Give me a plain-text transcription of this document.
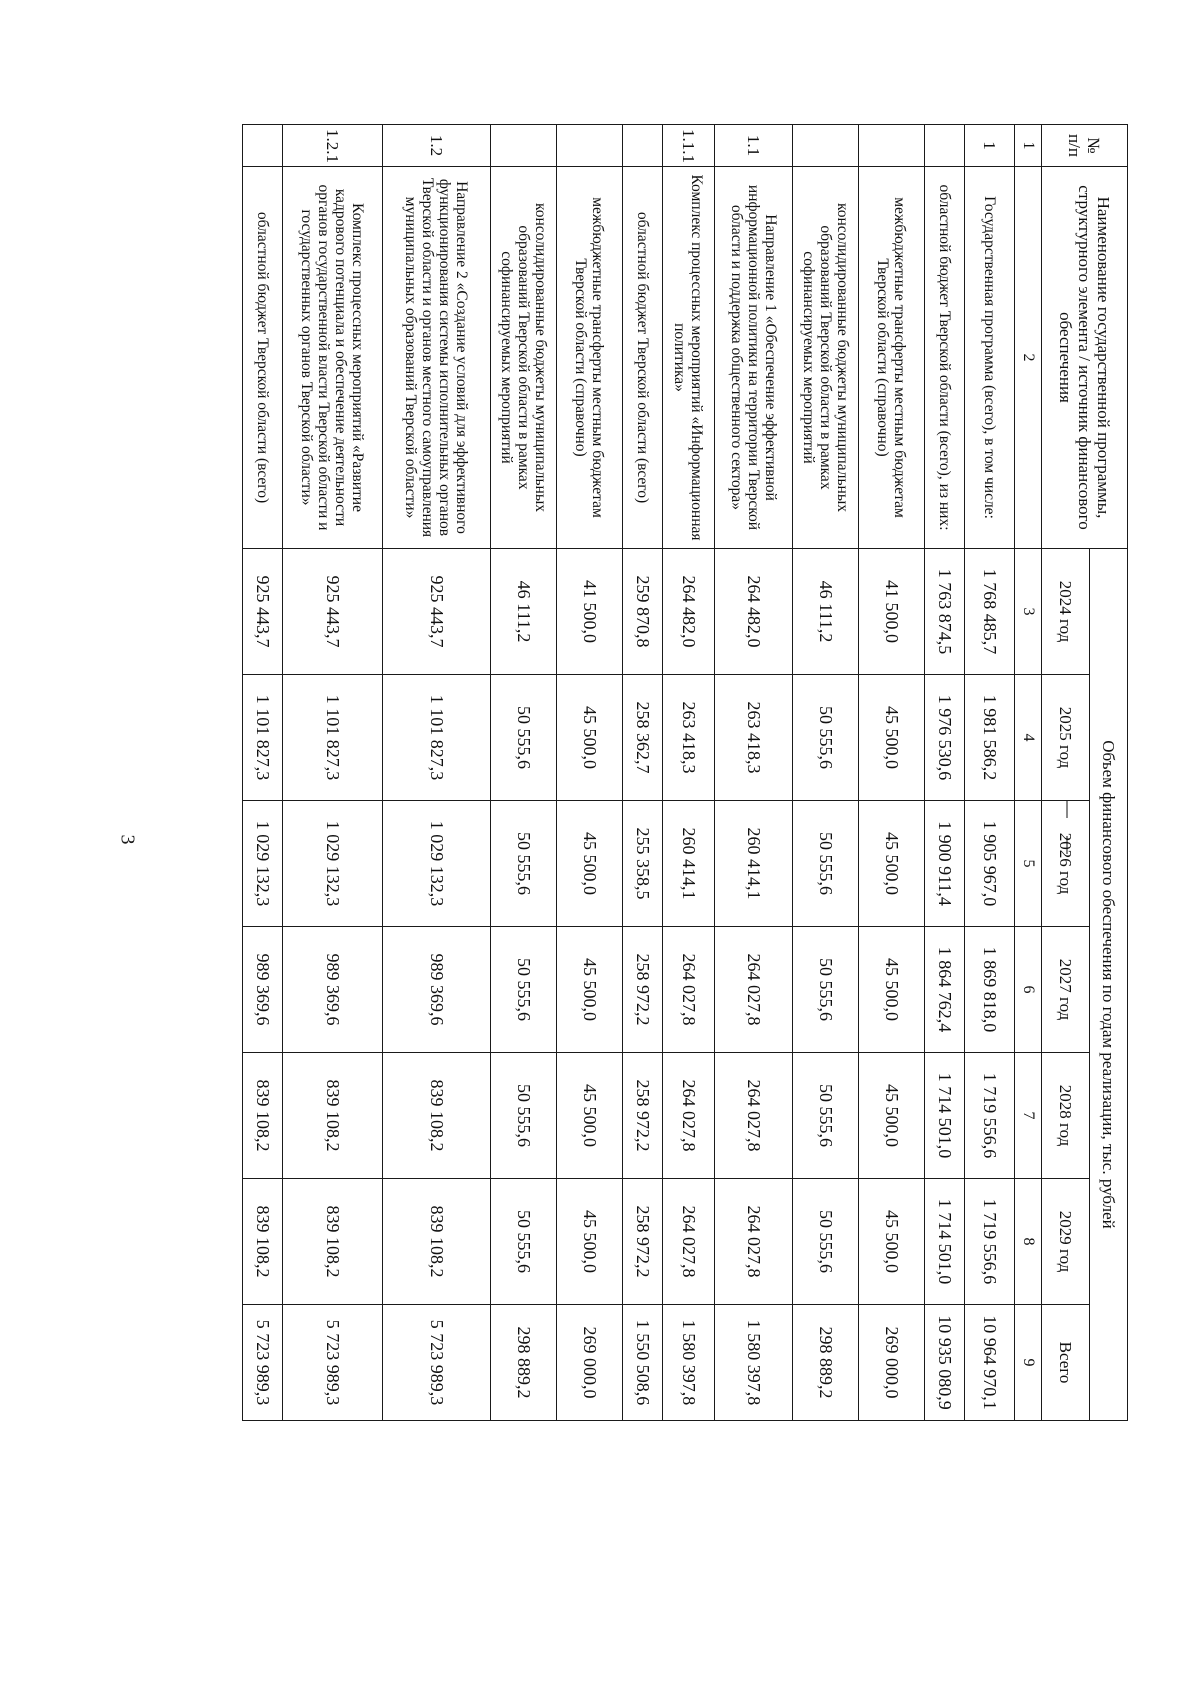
3
№ п/п	Наименование государственной программы, структурного элемента / источник финансового обеспечения	Объем финансового обеспечения по годам реализации, тыс. рублей						
		2024 год	2025 год	2026 год	2027 год	2028 год	2029 год	Всего
1	2	3	4	5	6	7	8	9
1	Государственная программа (всего), в том числе:	1 768 485,7	1 981 586,2	1 905 967,0	1 869 818,0	1 719 556,6	1 719 556,6	10 964 970,1
	областной бюджет Тверской области (всего), из них:	1 763 874,5	1 976 530,6	1 900 911,4	1 864 762,4	1 714 501,0	1 714 501,0	10 935 080,9
	межбюджетные трансферты местным бюджетам Тверской области (справочно)	41 500,0	45 500,0	45 500,0	45 500,0	45 500,0	45 500,0	269 000,0
	консолидированные бюджеты муниципальных образований Тверской области в рамках софинансируемых мероприятий	46 111,2	50 555,6	50 555,6	50 555,6	50 555,6	50 555,6	298 889,2
1.1	Направление 1 «Обеспечение эффективной информационной политики на территории Тверской области и поддержка общественного сектора»	264 482,0	263 418,3	260 414,1	264 027,8	264 027,8	264 027,8	1 580 397,8
1.1.1	Комплекс процессных мероприятий «Информационная политика»	264 482,0	263 418,3	260 414,1	264 027,8	264 027,8	264 027,8	1 580 397,8
	областной бюджет Тверской области (всего)	259 870,8	258 362,7	255 358,5	258 972,2	258 972,2	258 972,2	1 550 508,6
	межбюджетные трансферты местным бюджетам Тверской области (справочно)	41 500,0	45 500,0	45 500,0	45 500,0	45 500,0	45 500,0	269 000,0
	консолидированные бюджеты муниципальных образований Тверской области в рамках софинансируемых мероприятий	46 111,2	50 555,6	50 555,6	50 555,6	50 555,6	50 555,6	298 889,2
1.2	Направление 2 «Создание условий для эффективного функционирования системы исполнительных органов Тверской области и органов местного самоуправления муниципальных образований Тверской области»	925 443,7	1 101 827,3	1 029 132,3	989 369,6	839 108,2	839 108,2	5 723 989,3
1.2.1	Комплекс процессных мероприятий «Развитие кадрового потенциала и обеспечение деятельности органов государственной власти Тверской области и государственных органов Тверской области»	925 443,7	1 101 827,3	1 029 132,3	989 369,6	839 108,2	839 108,2	5 723 989,3
	областной бюджет Тверской области (всего)	925 443,7	1 101 827,3	1 029 132,3	989 369,6	839 108,2	839 108,2	5 723 989,3
